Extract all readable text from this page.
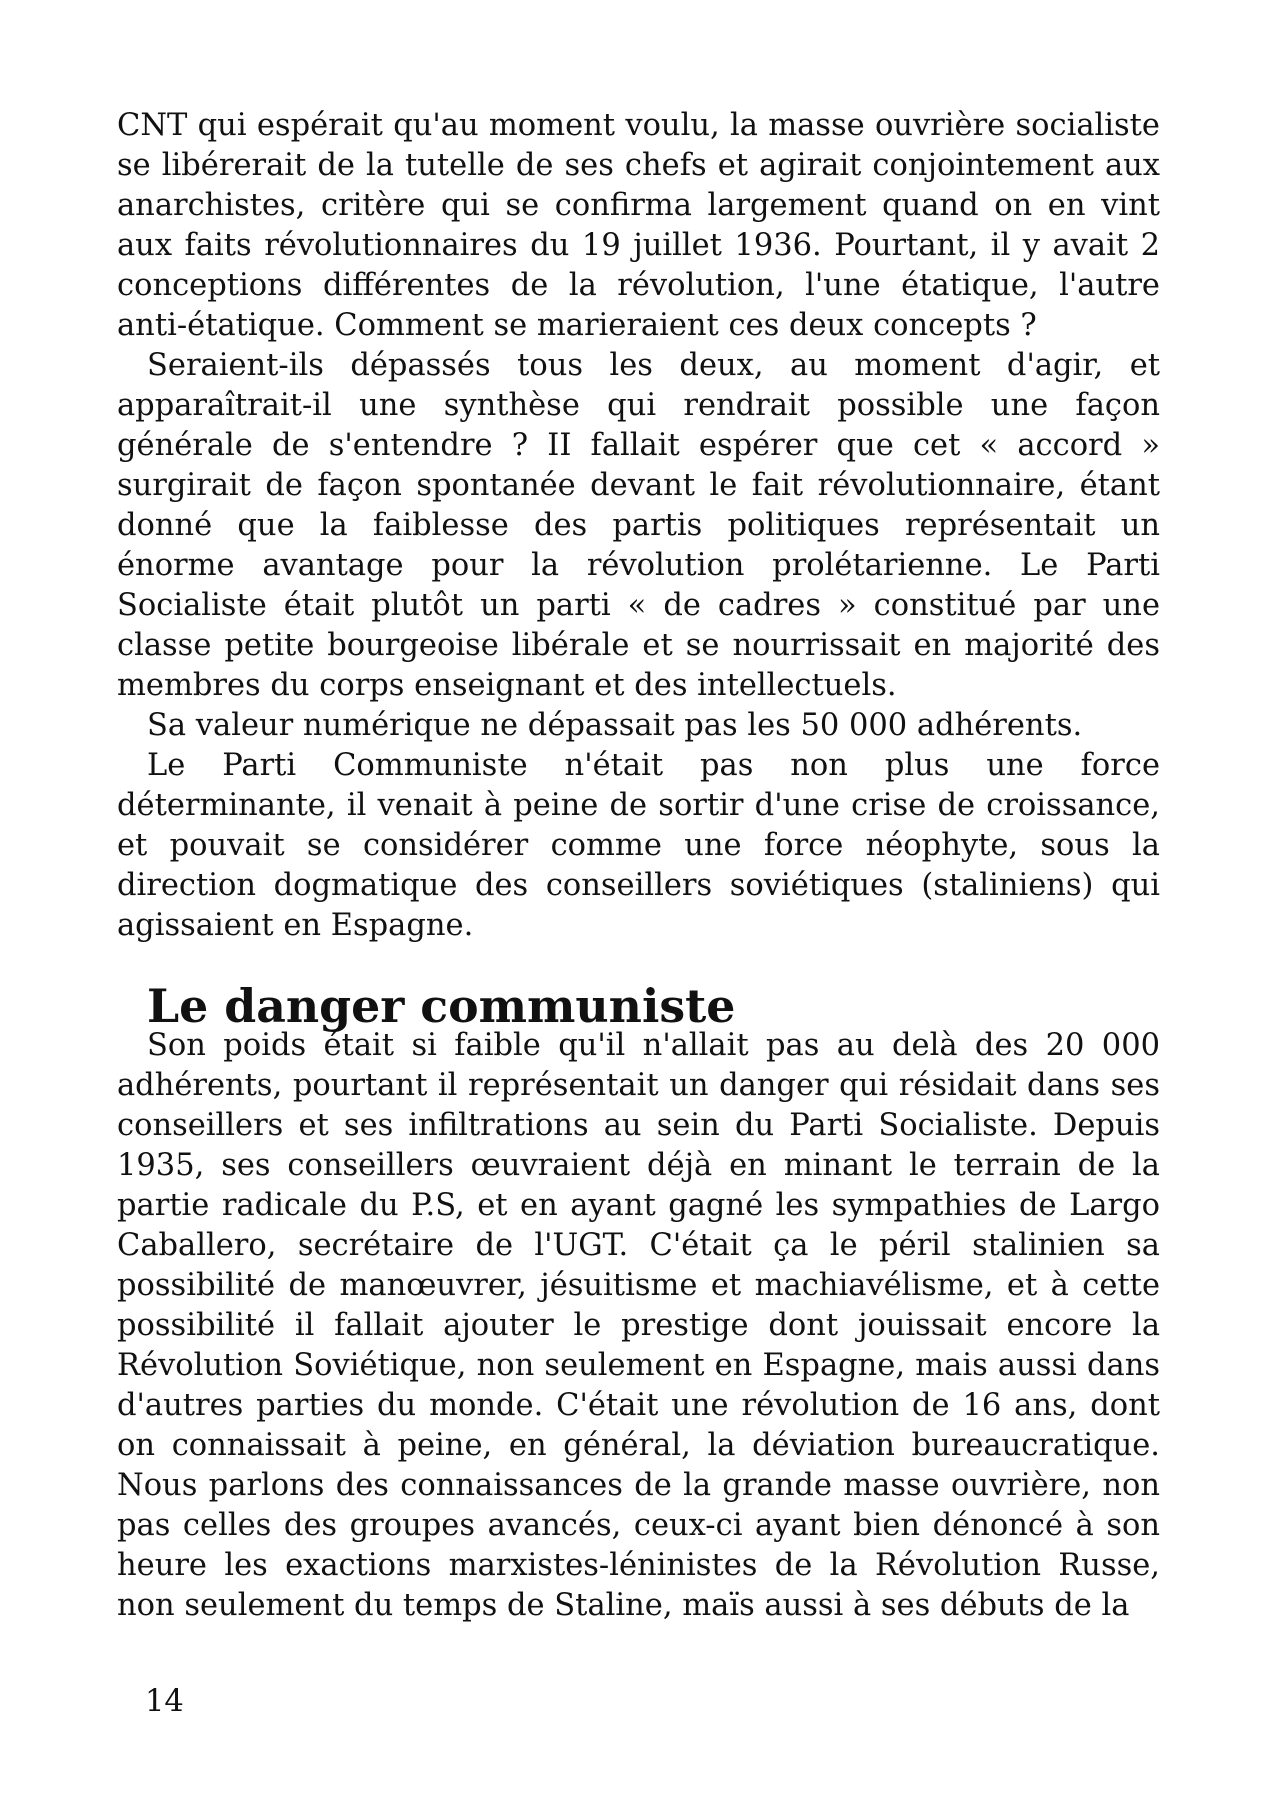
CNT qui espérait qu'au moment voulu, la masse ouvrière socialiste se libérerait de la tutelle de ses chefs et agirait conjointement aux anarchistes, critère qui se confirma largement quand on en vint aux faits révolutionnaires du 19 juillet 1936. Pourtant, il y avait 2 conceptions différentes de la révolution, l'une étatique, l'autre anti-étatique. Comment se marieraient ces deux concepts ?

Seraient-ils dépassés tous les deux, au moment d'agir, et apparaîtrait-il une synthèse qui rendrait possible une façon générale de s'entendre ? II fallait espérer que cet « accord » surgirait de façon spontanée devant le fait révolutionnaire, étant donné que la faiblesse des partis politiques représentait un énorme avantage pour la révolution prolétarienne. Le Parti Socialiste était plutôt un parti « de cadres » constitué par une classe petite bourgeoise libérale et se nourrissait en majorité des membres du corps enseignant et des intellectuels.

Sa valeur numérique ne dépassait pas les 50 000 adhérents.

Le Parti Communiste n'était pas non plus une force déterminante, il venait à peine de sortir d'une crise de croissance, et pouvait se considérer comme une force néophyte, sous la direction dogmatique des conseillers soviétiques (staliniens) qui agissaient en Espagne.

Le danger communiste

Son poids était si faible qu'il n'allait pas au delà des 20 000 adhérents, pourtant il représentait un danger qui résidait dans ses conseillers et ses infiltrations au sein du Parti Socialiste. Depuis 1935, ses conseillers œuvraient déjà en minant le terrain de la partie radicale du P.S, et en ayant gagné les sympathies de Largo Caballero, secrétaire de l'UGT. C'était ça le péril stalinien sa possibilité de manœuvrer, jésuitisme et machiavélisme, et à cette possibilité il fallait ajouter le prestige dont jouissait encore la Révolution Soviétique, non seulement en Espagne, mais aussi dans d'autres parties du monde. C'était une révolution de 16 ans, dont on connaissait à peine, en général, la déviation bureaucratique. Nous parlons des connaissances de la grande masse ouvrière, non pas celles des groupes avancés, ceux-ci ayant bien dénoncé à son heure les exactions marxistes-léninistes de la Révolution Russe, non seulement du temps de Staline, maïs aussi à ses débuts de la

14
